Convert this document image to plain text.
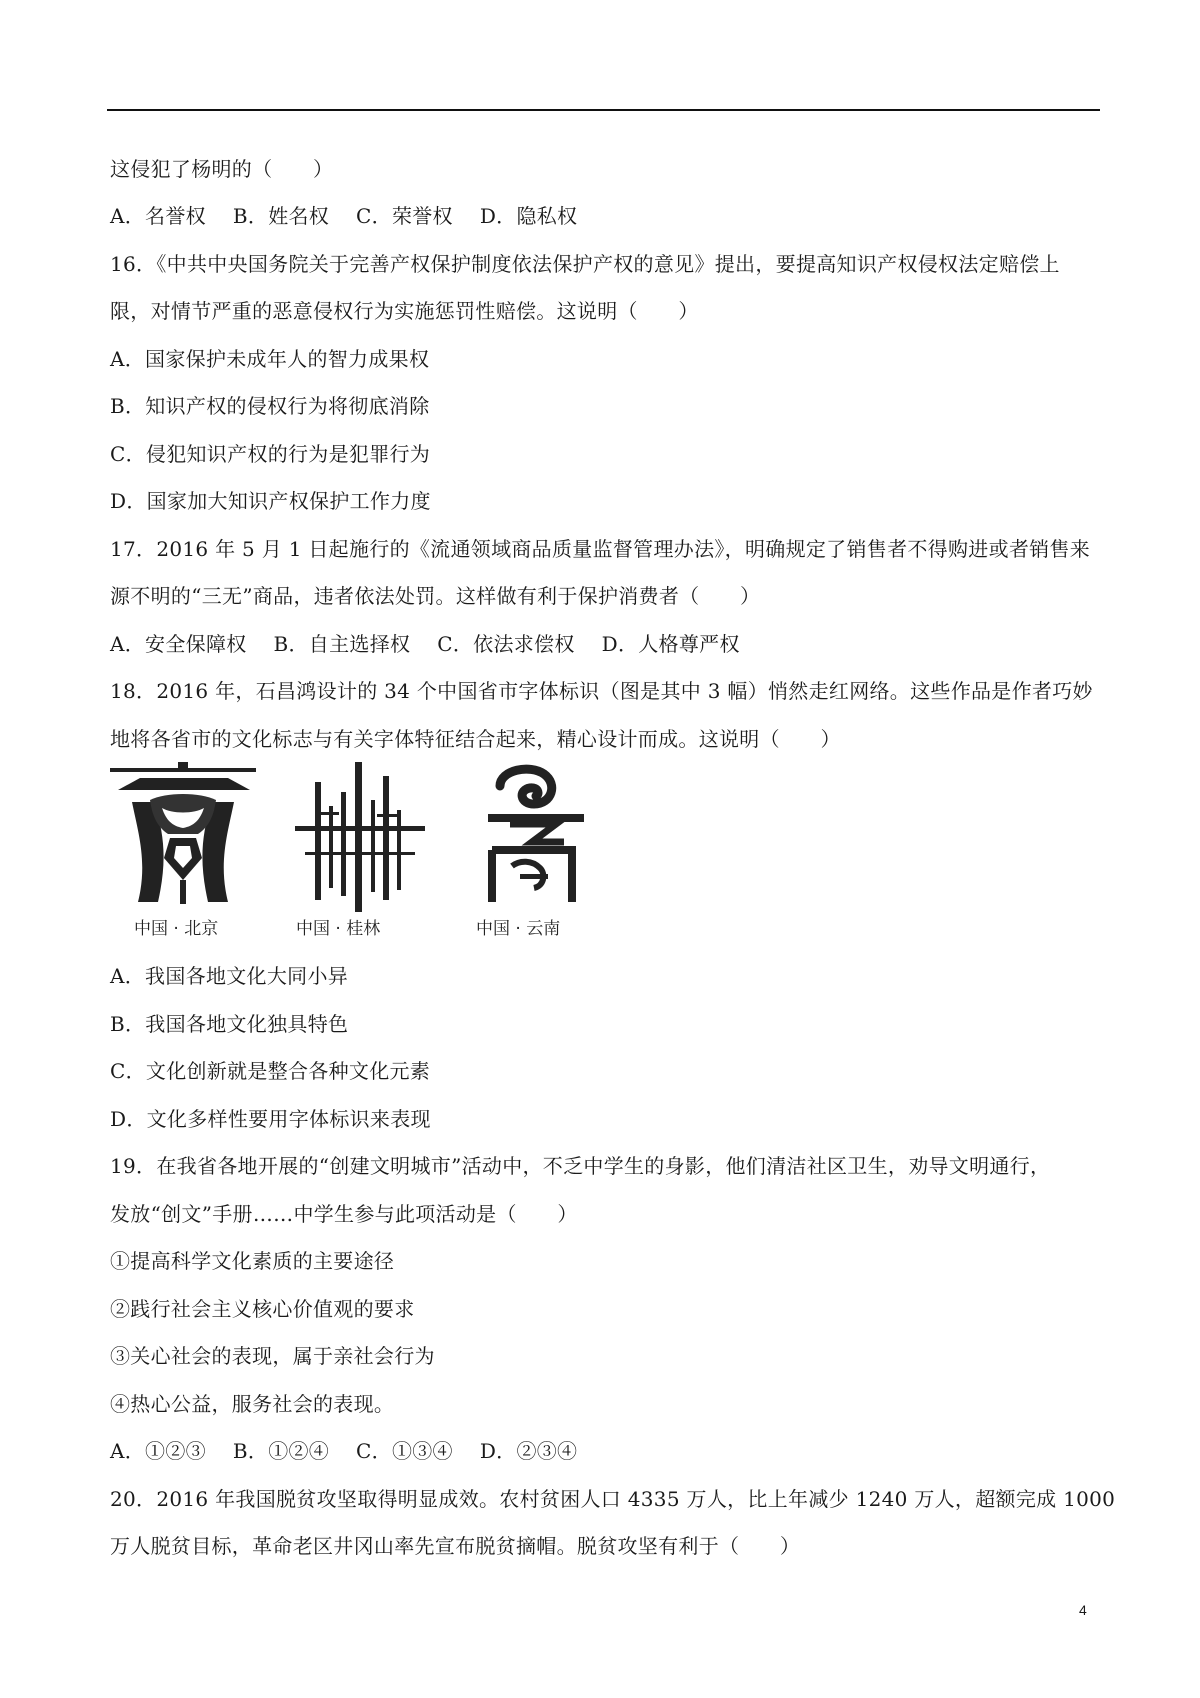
这侵犯了杨明的（　　）
A．名誉权　 B．姓名权　 C．荣誉权　 D．隐私权
16．《中共中央国务院关于完善产权保护制度依法保护产权的意见》提出，要提高知识产权侵权法定赔偿上
限，对情节严重的恶意侵权行为实施惩罚性赔偿。这说明（　　）
A．国家保护未成年人的智力成果权
B．知识产权的侵权行为将彻底消除
C．侵犯知识产权的行为是犯罪行为
D．国家加大知识产权保护工作力度
17．2016 年 5 月 1 日起施行的《流通领域商品质量监督管理办法》，明确规定了销售者不得购进或者销售来
源不明的“三无”商品，违者依法处罚。这样做有利于保护消费者（　　）
A．安全保障权　 B．自主选择权　 C．依法求偿权　 D．人格尊严权
18．2016 年，石昌鸿设计的 34 个中国省市字体标识（图是其中 3 幅）悄然走红网络。这些作品是作者巧妙
地将各省市的文化标志与有关字体特征结合起来，精心设计而成。这说明（　　）
中国 · 北京	中国 · 桂林	中国 · 云南
A．我国各地文化大同小异
B．我国各地文化独具特色
C．文化创新就是整合各种文化元素
D．文化多样性要用字体标识来表现
19．在我省各地开展的“创建文明城市”活动中，不乏中学生的身影，他们清洁社区卫生，劝导文明通行，
发放“创文”手册……中学生参与此项活动是（　　）
①提高科学文化素质的主要途径
②践行社会主义核心价值观的要求
③关心社会的表现，属于亲社会行为
④热心公益，服务社会的表现。
A．①②③　 B．①②④　 C．①③④　 D．②③④
20．2016 年我国脱贫攻坚取得明显成效。农村贫困人口 4335 万人，比上年减少 1240 万人，超额完成 1000
万人脱贫目标，革命老区井冈山率先宣布脱贫摘帽。脱贫攻坚有利于（　　）
4
